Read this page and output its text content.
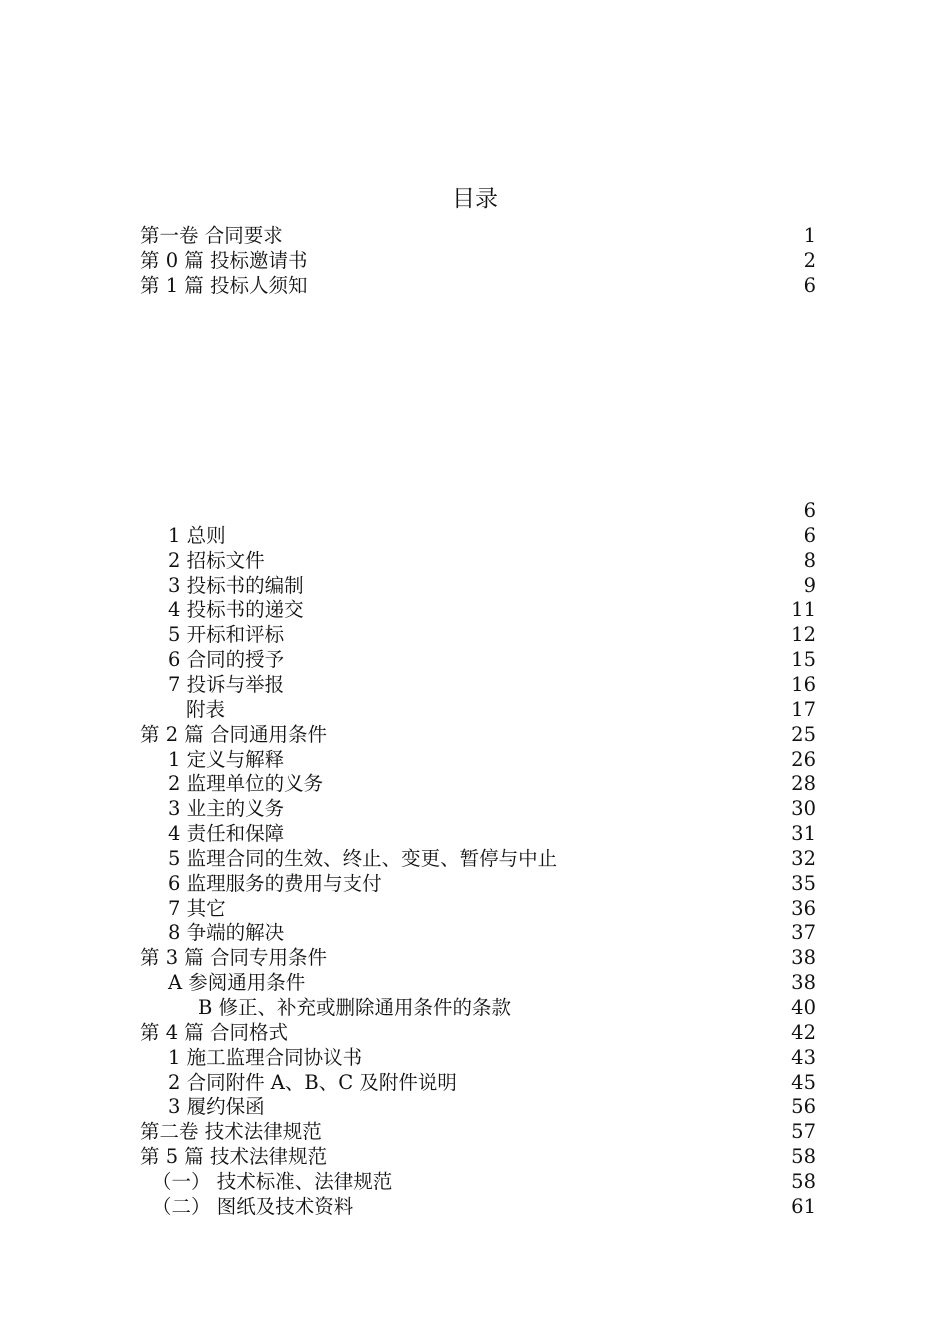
目录
第一卷 合同要求	1
第 0 篇 投标邀请书	2
第 1 篇 投标人须知	6
6
1 总则	6
2 招标文件	8
3 投标书的编制	9
4 投标书的递交	11
5 开标和评标	12
6 合同的授予	15
7 投诉与举报	16
附表	17
第 2 篇 合同通用条件	25
1 定义与解释	26
2 监理单位的义务	28
3 业主的义务	30
4 责任和保障	31
5 监理合同的生效、终止、变更、暂停与中止	32
6 监理服务的费用与支付	35
7 其它	36
8 争端的解决	37
第 3 篇 合同专用条件	38
A 参阅通用条件	38
B 修正、补充或删除通用条件的条款	40
第 4 篇 合同格式	42
1 施工监理合同协议书	43
2 合同附件 A、B、C 及附件说明	45
3 履约保函	56
第二卷 技术法律规范	57
第 5 篇 技术法律规范	58
（一） 技术标准、法律规范	58
（二） 图纸及技术资料	61
